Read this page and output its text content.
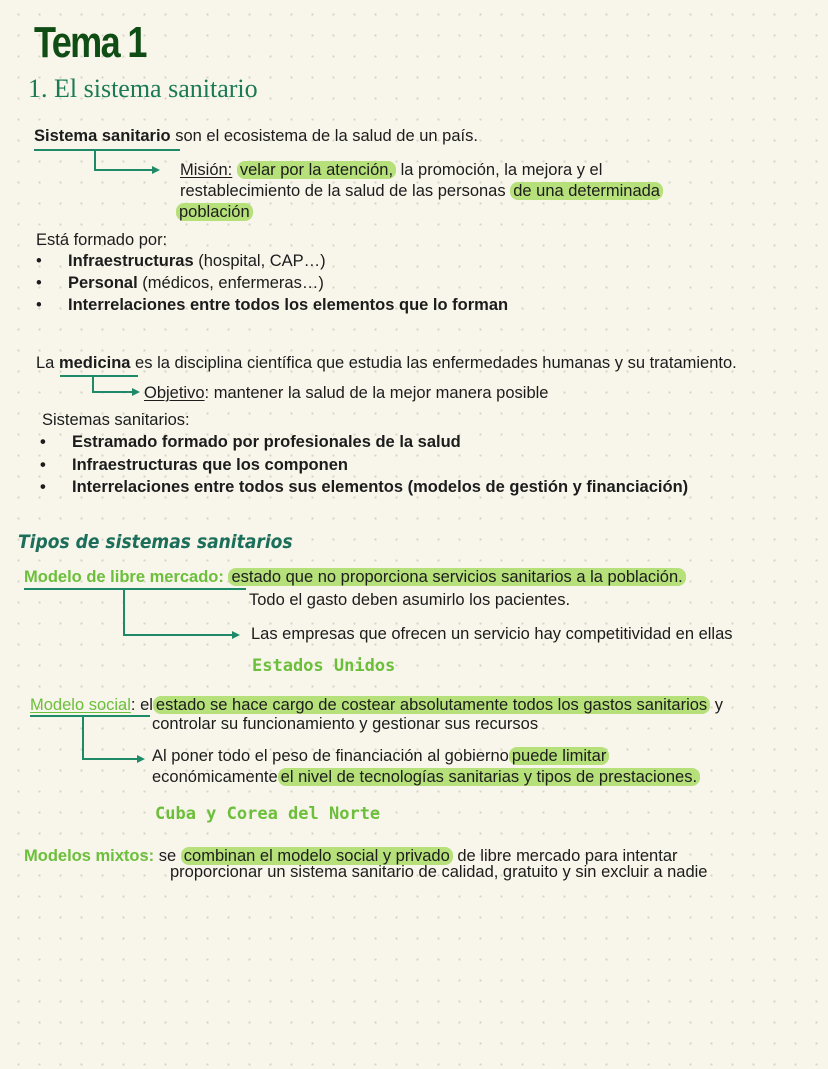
Tema 1
1. El sistema sanitario
Sistema sanitario son el ecosistema de la salud de un país.
Misión: velar por la atención, la promoción, la mejora y el
restablecimiento de la salud de las personas de una determinada
población
Está formado por:
• Infraestructuras (hospital, CAP…)
• Personal (médicos, enfermeras…)
• Interrelaciones entre todos los elementos que lo forman
La medicina es la disciplina científica que estudia las enfermedades humanas y su tratamiento.
Objetivo: mantener la salud de la mejor manera posible
Sistemas sanitarios:
• Estramado formado por profesionales de la salud
• Infraestructuras que los componen
• Interrelaciones entre todos sus elementos (modelos de gestión y financiación)
Tipos de sistemas sanitarios
Modelo de libre mercado: estado que no proporciona servicios sanitarios a la población.
Todo el gasto deben asumirlo los pacientes.
Las empresas que ofrecen un servicio hay competitividad en ellas
Estados Unidos
Modelo social: el estado se hace cargo de costear absolutamente todos los gastos sanitarios y
controlar su funcionamiento y gestionar sus recursos
Al poner todo el peso de financiación al gobierno puede limitar
económicamente el nivel de tecnologías sanitarias y tipos de prestaciones.
Cuba y Corea del Norte
Modelos mixtos: se combinan el modelo social y privado de libre mercado para intentar
proporcionar un sistema sanitario de calidad, gratuito y sin excluir a nadie
